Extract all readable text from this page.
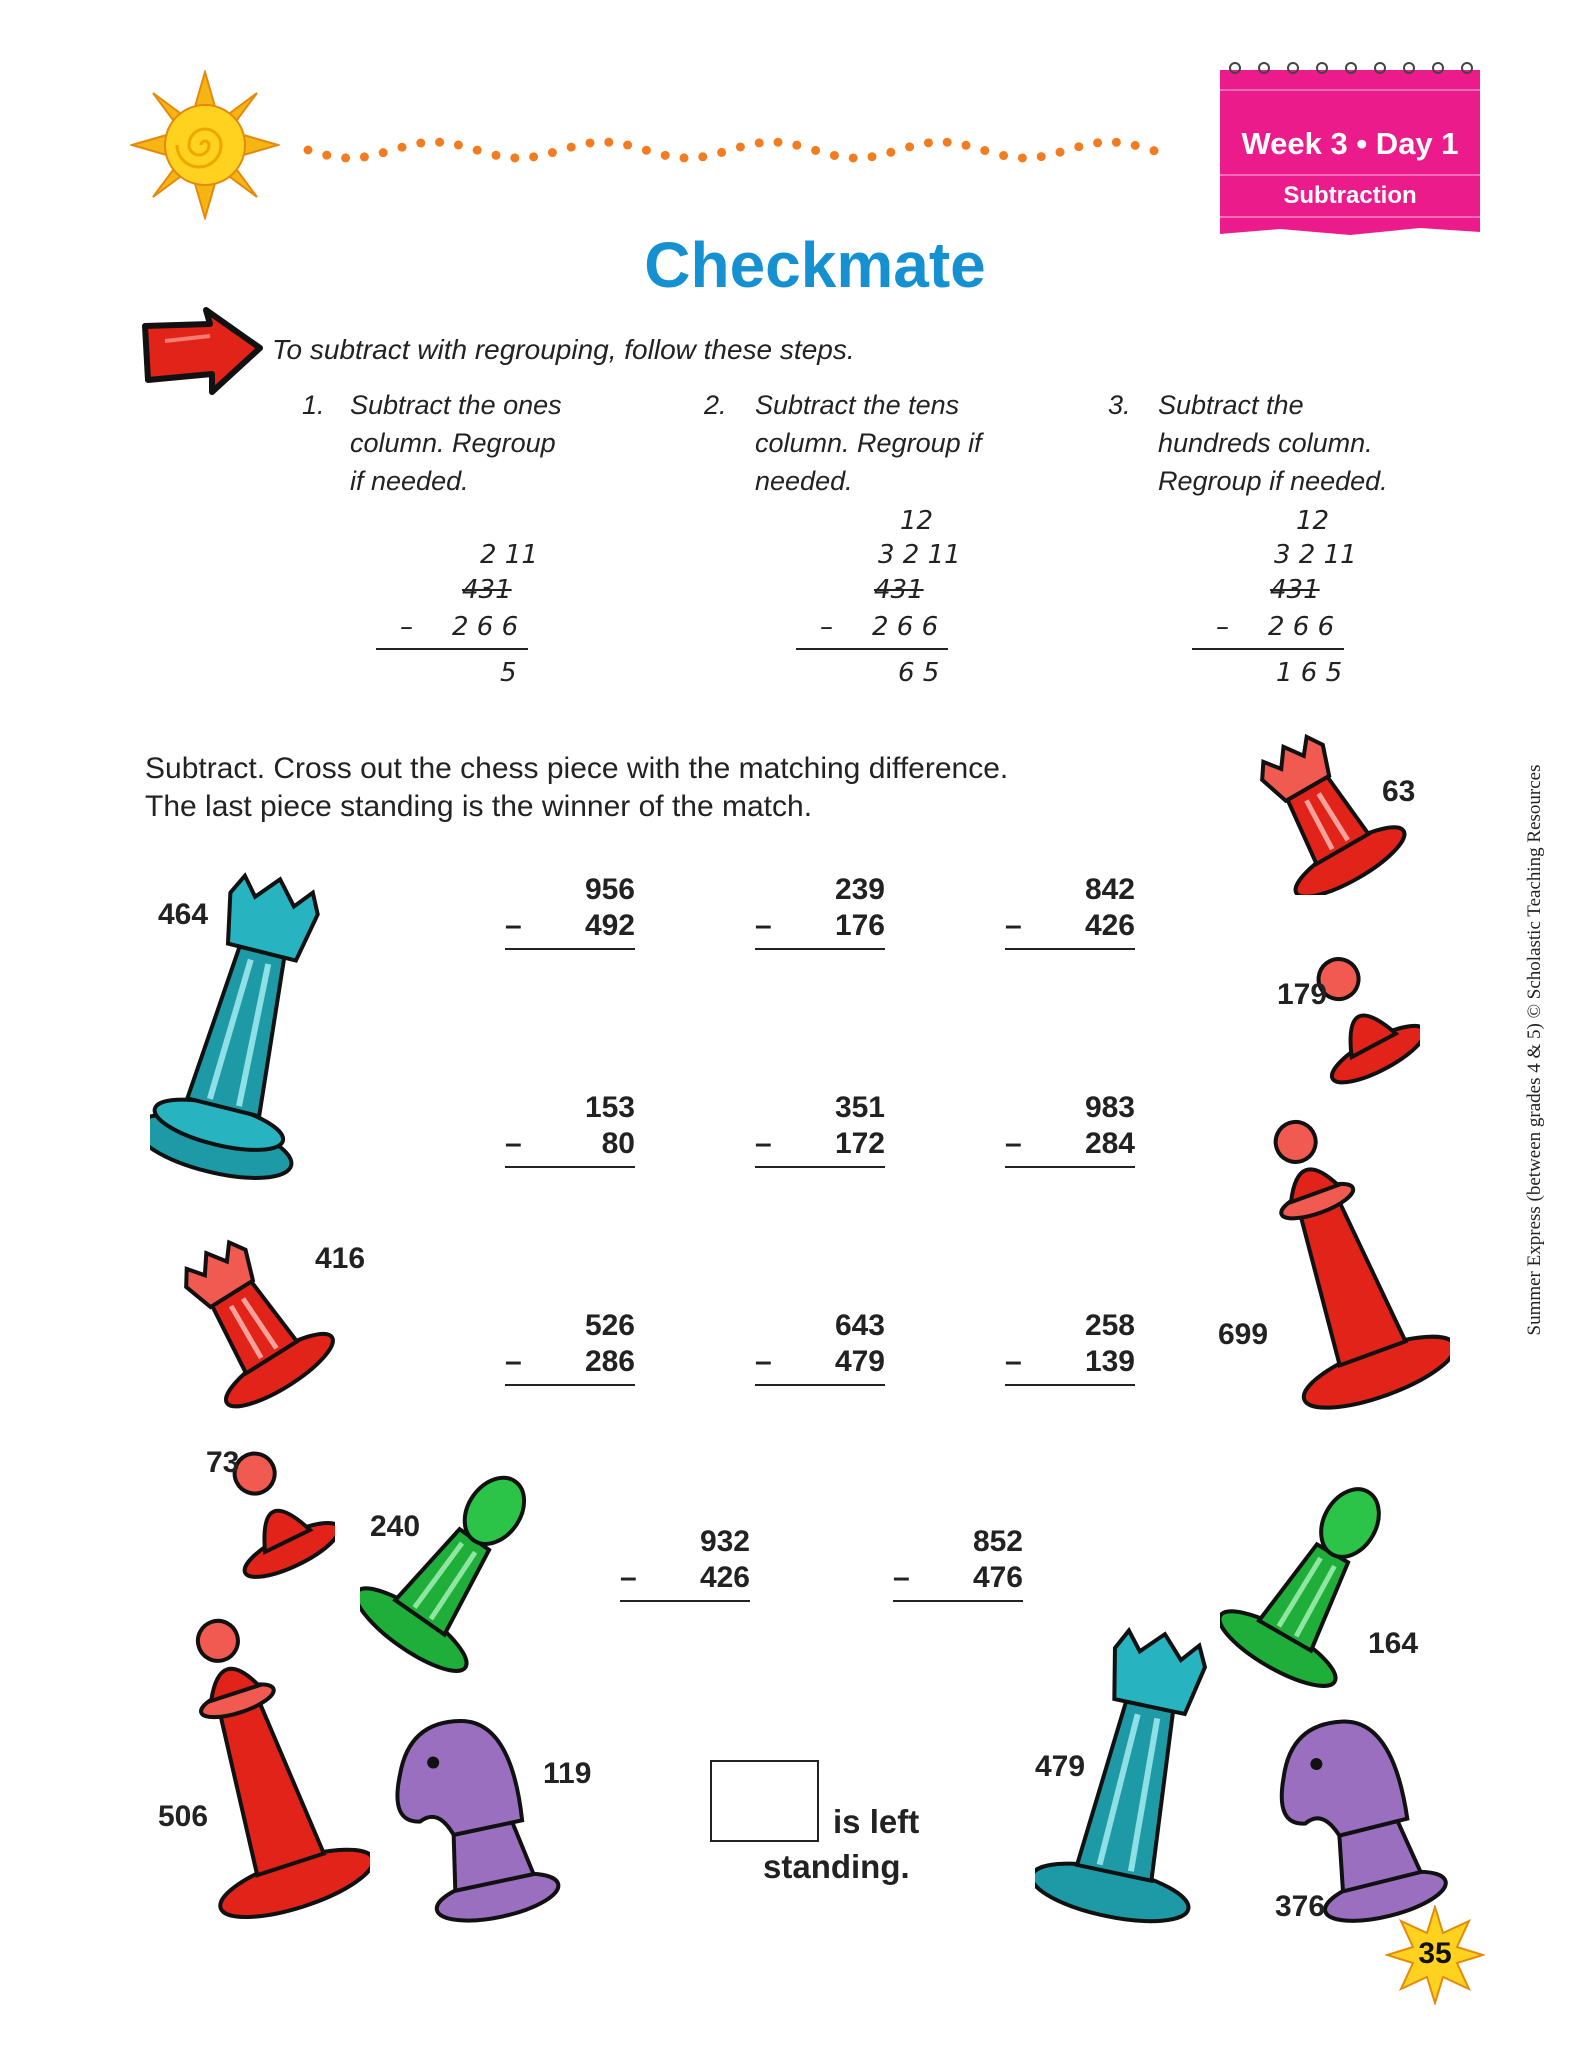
Week 3 • Day 1
Subtraction
Checkmate
To subtract with regrouping, follow these steps.
1. Subtract the ones
column. Regroup
if needed.
2. Subtract the tens
column. Regroup if
needed.
3. Subtract the
hundreds column.
Regroup if needed.
2 11
431
– 2 6 6
5
12
3 2 11
431
– 2 6 6
6 5
12
3 2 11
431
– 2 6 6
1 6 5
Subtract. Cross out the chess piece with the matching difference.
The last piece standing is the winner of the match.
956
– 492
239
– 176
842
– 426
153
–	80
351
– 172
983
– 284
526
– 286
643
– 479
258
– 139
932
– 426
852
– 476
464
63
179
416
699
73
240
164
506
119	479
376
is left
standing.
Summer Express (between grades 4 & 5) © Scholastic Teaching Resources
35
